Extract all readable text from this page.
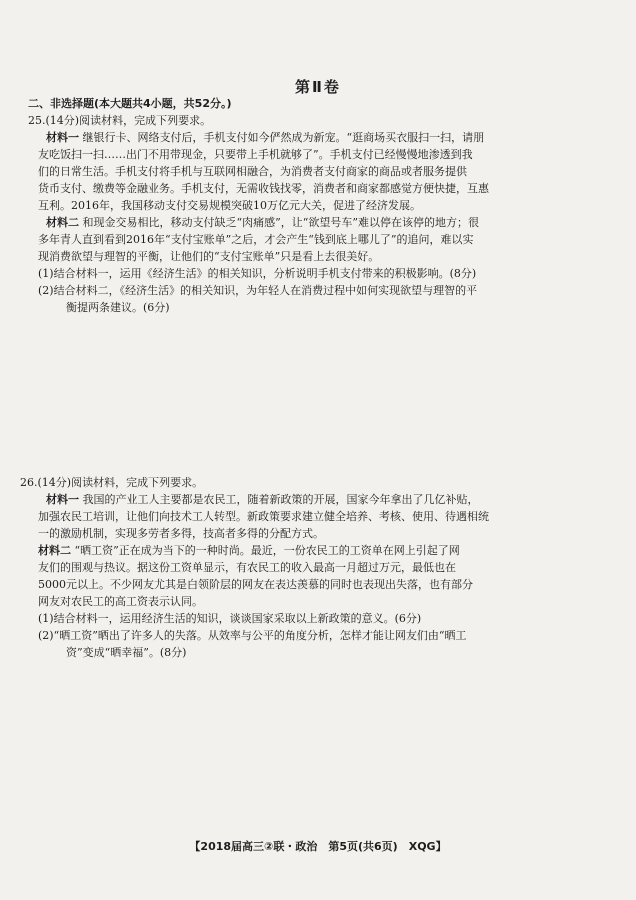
第Ⅱ卷
二、非选择题(本大题共4小题，共52分。)
25.(14分)阅读材料，完成下列要求。
材料一 继银行卡、网络支付后，手机支付如今俨然成为新宠。“逛商场买衣服扫一扫，请朋
友吃饭扫一扫……出门不用带现金，只要带上手机就够了”。手机支付已经慢慢地渗透到我
们的日常生活。手机支付将手机与互联网相融合，为消费者支付商家的商品或者服务提供
货币支付、缴费等金融业务。手机支付，无需收钱找零，消费者和商家都感觉方便快捷，互惠
互利。2016年，我国移动支付交易规模突破10万亿元大关，促进了经济发展。
材料二 和现金交易相比，移动支付缺乏“肉痛感”，让“欲望号车”难以停在该停的地方；很
多年青人直到看到2016年“支付宝账单”之后，才会产生“钱到底上哪儿了”的追问，难以实
现消费欲望与理智的平衡，让他们的“支付宝账单”只是看上去很美好。
(1)结合材料一，运用《经济生活》的相关知识，分析说明手机支付带来的积极影响。(8分)
(2)结合材料二，《经济生活》的相关知识，为年轻人在消费过程中如何实现欲望与理智的平
衡提两条建议。(6分)
26.(14分)阅读材料，完成下列要求。
材料一 我国的产业工人主要都是农民工，随着新政策的开展，国家今年拿出了几亿补贴，
加强农民工培训，让他们向技术工人转型。新政策要求建立健全培养、考核、使用、待遇相统
一的激励机制，实现多劳者多得，技高者多得的分配方式。
材料二 “晒工资”正在成为当下的一种时尚。最近，一份农民工的工资单在网上引起了网
友们的围观与热议。据这份工资单显示，有农民工的收入最高一月超过万元，最低也在
5000元以上。不少网友尤其是白领阶层的网友在表达羡慕的同时也表现出失落，也有部分
网友对农民工的高工资表示认同。
(1)结合材料一，运用经济生活的知识，谈谈国家采取以上新政策的意义。(6分)
(2)“晒工资”晒出了许多人的失落。从效率与公平的角度分析，怎样才能让网友们由“晒工
资”变成“晒幸福”。(8分)
【2018届高三②联・政治　第5页(共6页)　XQG】
